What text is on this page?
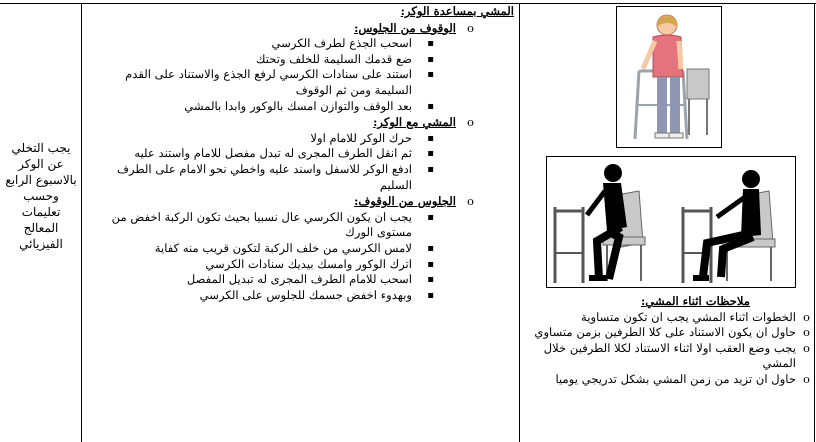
يجب التخلي عن الوكر بالاسبوع الرابع وحسب تعليمات المعالج الفيزيائي
المشي بمساعدة الوكر:
o
الوقوف من الجلوس:
▪
اسحب الجذع لطرف الكرسي
▪
ضع قدمك السليمة للخلف وتحتك
▪
استند على سنادات الكرسي لرفع الجذع والاستناد على القدم السليمة ومن ثم الوقوف
▪
بعد الوقف والتوازن امسك بالوكور وابدا بالمشي
o
المشي مع الوكر:
▪
حرك الوكر للامام اولا
▪
ثم انقل الطرف المجرى له تبدل مفصل للامام واستند عليه
▪
ادفع الوكر للاسفل واسند عليه واخطي نحو الامام على الطرف السليم
o
الجلوس من الوقوف:
▪
يجب ان يكون الكرسي عال نسبيا بحيث تكون الركبة اخفض من مستوى الورك
▪
لامس الكرسي من خلف الركبة لتكون قريب منه كفاية
▪
اترك الوكور وامسك بيديك سنادات الكرسي
▪
اسحب للامام الطرف المجرى له تبديل المفصل
▪
وبهدوء اخفض جسمك للجلوس على الكرسي	ملاحظات اثناء المشي:
o
الخطوات اثناء المشي يجب ان تكون متساوية
o
حاول ان يكون الاستناد على كلا الطرفين بزمن متساوي
o
يجب وضع العقب اولا اثناء الاستناد لكلا الطرفين خلال المشي
o
حاول ان تزيد من زمن المشي بشكل تدريجي يوميا
